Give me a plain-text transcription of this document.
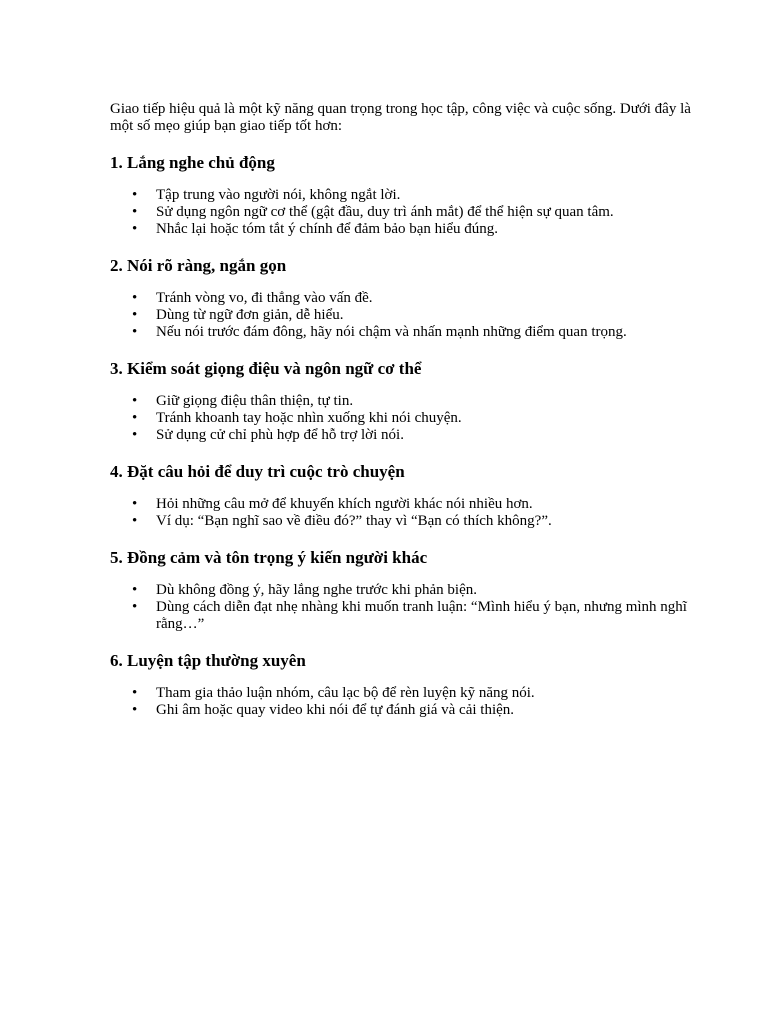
Giao tiếp hiệu quả là một kỹ năng quan trọng trong học tập, công việc và cuộc sống. Dưới đây là một số mẹo giúp bạn giao tiếp tốt hơn:

1. Lắng nghe chủ động
• Tập trung vào người nói, không ngắt lời.
• Sử dụng ngôn ngữ cơ thể (gật đầu, duy trì ánh mắt) để thể hiện sự quan tâm.
• Nhắc lại hoặc tóm tắt ý chính để đảm bảo bạn hiểu đúng.
2. Nói rõ ràng, ngắn gọn
• Tránh vòng vo, đi thẳng vào vấn đề.
• Dùng từ ngữ đơn giản, dễ hiểu.
• Nếu nói trước đám đông, hãy nói chậm và nhấn mạnh những điểm quan trọng.
3. Kiểm soát giọng điệu và ngôn ngữ cơ thể
• Giữ giọng điệu thân thiện, tự tin.
• Tránh khoanh tay hoặc nhìn xuống khi nói chuyện.
• Sử dụng cử chỉ phù hợp để hỗ trợ lời nói.
4. Đặt câu hỏi để duy trì cuộc trò chuyện
• Hỏi những câu mở để khuyến khích người khác nói nhiều hơn.
• Ví dụ: “Bạn nghĩ sao về điều đó?” thay vì “Bạn có thích không?”.
5. Đồng cảm và tôn trọng ý kiến người khác
• Dù không đồng ý, hãy lắng nghe trước khi phản biện.
• Dùng cách diễn đạt nhẹ nhàng khi muốn tranh luận: “Mình hiểu ý bạn, nhưng mình nghĩ rằng…”
6. Luyện tập thường xuyên
• Tham gia thảo luận nhóm, câu lạc bộ để rèn luyện kỹ năng nói.
• Ghi âm hoặc quay video khi nói để tự đánh giá và cải thiện.
